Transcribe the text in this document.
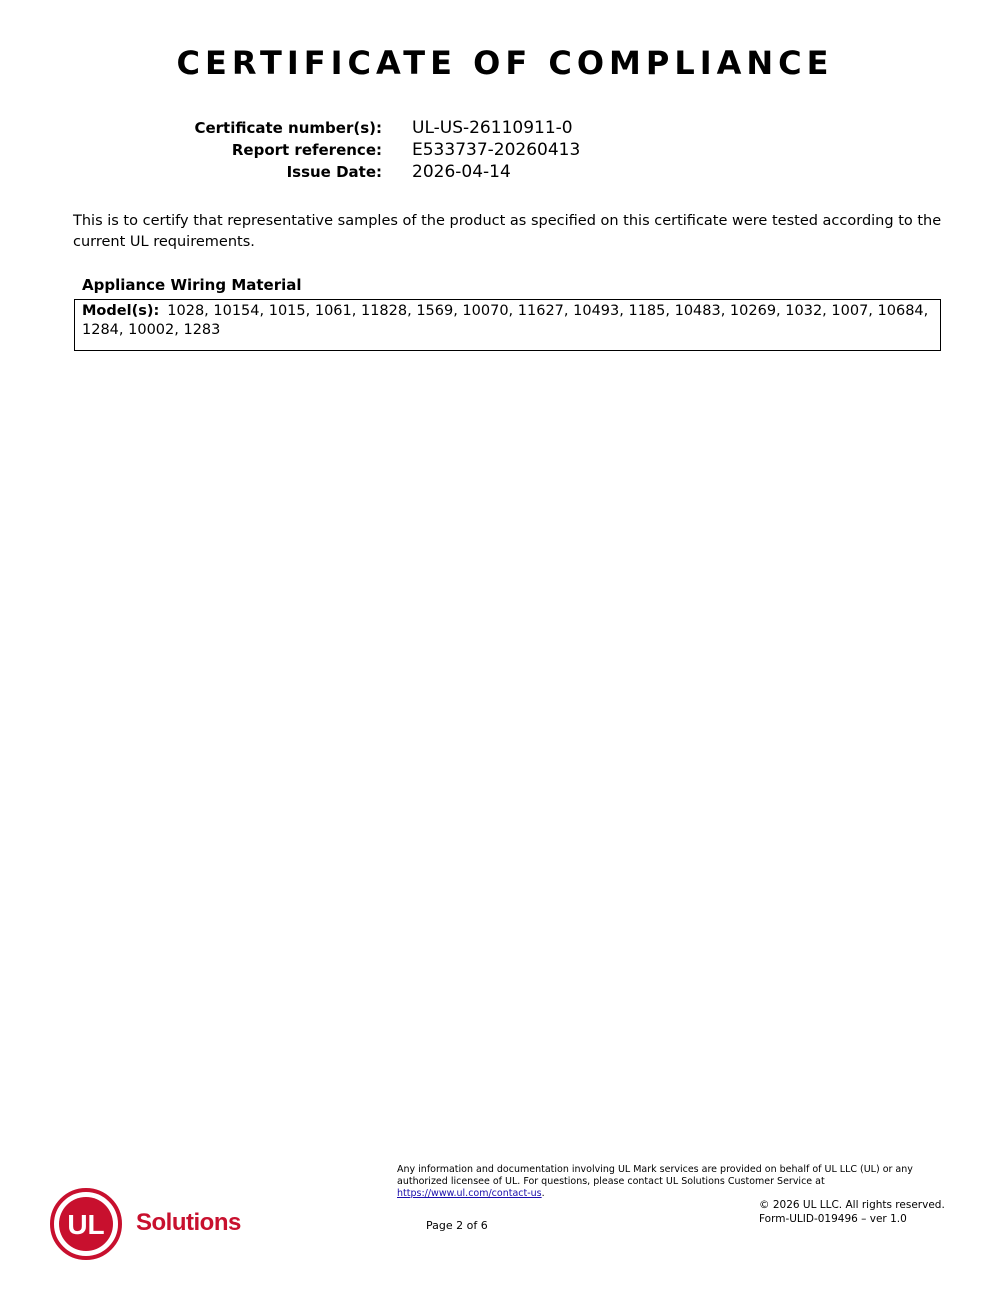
CERTIFICATE OF COMPLIANCE
Certificate number(s): UL-US-26110911-0
Report reference: E533737-20260413
Issue Date: 2026-04-14

This is to certify that representative samples of the product as specified on this certificate were tested according to the current UL requirements.

Appliance Wiring Material
Model(s): 1028, 10154, 1015, 1061, 11828, 1569, 10070, 11627, 10493, 1185, 10483, 10269, 1032, 1007, 10684, 1284, 10002, 1283
UL Solutions

Any information and documentation involving UL Mark services are provided on behalf of UL LLC (UL) or any authorized licensee of UL. For questions, please contact UL Solutions Customer Service at https://www.ul.com/contact-us.

Page 2 of 6
© 2026 UL LLC. All rights reserved.
Form-ULID-019496 – ver 1.0
